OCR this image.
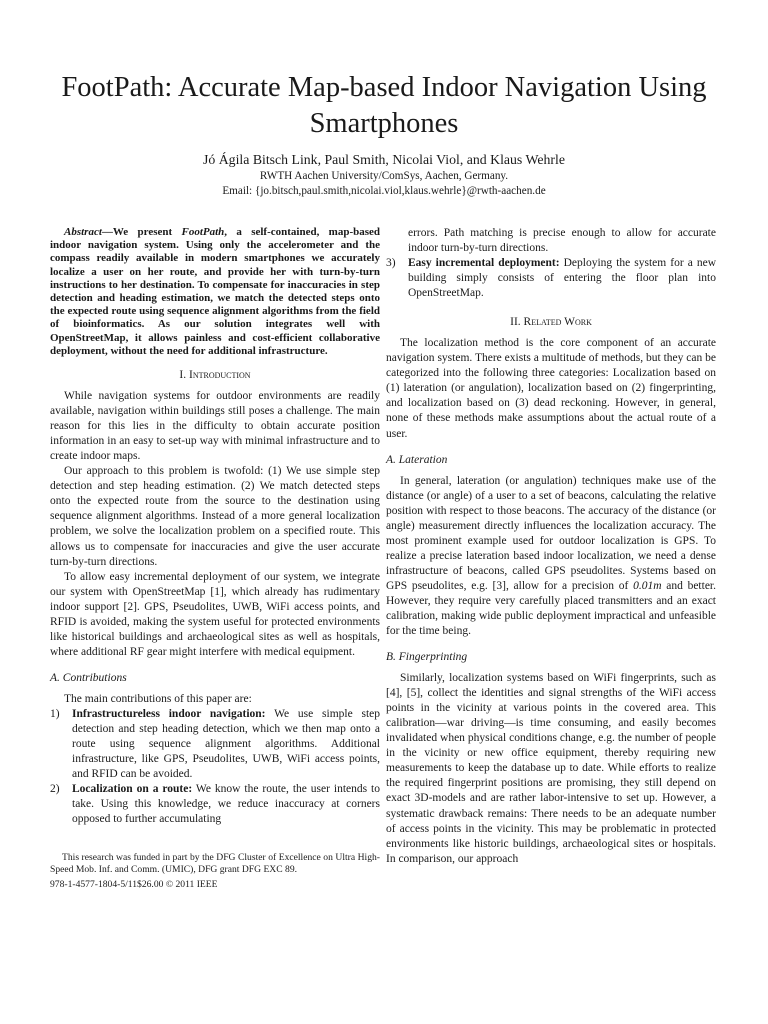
FootPath: Accurate Map-based Indoor Navigation Using Smartphones
Jó Ágila Bitsch Link, Paul Smith, Nicolai Viol, and Klaus Wehrle
RWTH Aachen University/ComSys, Aachen, Germany.
Email: {jo.bitsch,paul.smith,nicolai.viol,klaus.wehrle}@rwth-aachen.de

Abstract—We present FootPath, a self-contained, map-based indoor navigation system. Using only the accelerometer and the compass readily available in modern smartphones we accurately localize a user on her route, and provide her with turn-by-turn instructions to her destination. To compensate for inaccuracies in step detection and heading estimation, we match the detected steps onto the expected route using sequence alignment algorithms from the field of bioinformatics. As our solution integrates well with OpenStreetMap, it allows painless and cost-efficient collaborative deployment, without the need for additional infrastructure.

I. Introduction

While navigation systems for outdoor environments are readily available, navigation within buildings still poses a challenge. The main reason for this lies in the difficulty to obtain accurate position information in an easy to set-up way with minimal infrastructure and to create indoor maps.

Our approach to this problem is twofold: (1) We use simple step detection and step heading estimation. (2) We match detected steps onto the expected route from the source to the destination using sequence alignment algorithms. Instead of a more general localization problem, we solve the localization problem on a specified route. This allows us to compensate for inaccuracies and give the user accurate turn-by-turn directions.

To allow easy incremental deployment of our system, we integrate our system with OpenStreetMap [1], which already has rudimentary indoor support [2]. GPS, Pseudolites, UWB, WiFi access points, and RFID is avoided, making the system useful for protected environments like historical buildings and archaeological sites as well as hospitals, where additional RF gear might interfere with medical equipment.

A. Contributions

The main contributions of this paper are:

1) Infrastructureless indoor navigation: We use simple step detection and step heading detection, which we then map onto a route using sequence alignment algorithms. Additional infrastructure, like GPS, Pseudolites, UWB, WiFi access points, and RFID can be avoided.
2) Localization on a route: We know the route, the user intends to take. Using this knowledge, we reduce inaccuracy at corners opposed to further accumulating
This research was funded in part by the DFG Cluster of Excellence on Ultra High-Speed Mob. Inf. and Comm. (UMIC), DFG grant DFG EXC 89.
978-1-4577-1804-5/11$26.00 © 2011 IEEE
errors. Path matching is precise enough to allow for accurate indoor turn-by-turn directions.
3) Easy incremental deployment: Deploying the system for a new building simply consists of entering the floor plan into OpenStreetMap.
II. Related Work

The localization method is the core component of an accurate navigation system. There exists a multitude of methods, but they can be categorized into the following three categories: Localization based on (1) lateration (or angulation), localization based on (2) fingerprinting, and localization based on (3) dead reckoning. However, in general, none of these methods make assumptions about the actual route of a user.

A. Lateration

In general, lateration (or angulation) techniques make use of the distance (or angle) of a user to a set of beacons, calculating the relative position with respect to those beacons. The accuracy of the distance (or angle) measurement directly influences the localization accuracy. The most prominent example used for outdoor localization is GPS. To realize a precise lateration based indoor localization, we need a dense infrastructure of beacons, called GPS pseudolites. Systems based on GPS pseudolites, e.g. [3], allow for a precision of 0.01m and better. However, they require very carefully placed transmitters and an exact calibration, making wide public deployment impractical and unfeasible for the time being.

B. Fingerprinting

Similarly, localization systems based on WiFi fingerprints, such as [4], [5], collect the identities and signal strengths of the WiFi access points in the vicinity at various points in the covered area. This calibration—war driving—is time consuming, and easily becomes invalidated when physical conditions change, e.g. the number of people in the vicinity or new office equipment, thereby requiring new measurements to keep the database up to date. While efforts to realize the required fingerprint positions are promising, they still depend on exact 3D-models and are rather labor-intensive to set up. However, a systematic drawback remains: There needs to be an adequate number of access points in the vicinity. This may be problematic in protected environments like historic buildings, archaeological sites or hospitals. In comparison, our approach
